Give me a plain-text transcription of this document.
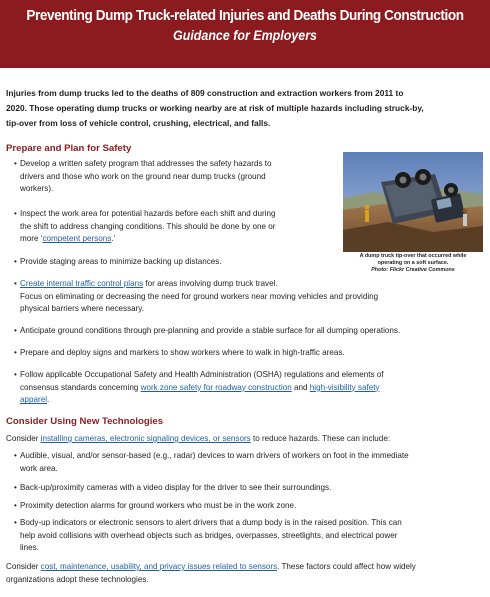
Preventing Dump Truck-related Injuries and Deaths During Construction
Guidance for Employers
Injuries from dump trucks led to the deaths of 809 construction and extraction workers from 2011 to
2020. Those operating dump trucks or working nearby are at risk of multiple hazards including struck-by,
tip-over from loss of vehicle control, crushing, electrical, and falls.
Prepare and Plan for Safety
• Develop a written safety program that addresses the safety hazards to
drivers and those who work on the ground near dump trucks (ground
workers).
• Inspect the work area for potential hazards before each shift and during
the shift to address changing conditions. This should be done by one or
more ‘competent persons.’
• Provide staging areas to minimize backing up distances.
• Create internal traffic control plans for areas involving dump truck travel.
Focus on eliminating or decreasing the need for ground workers near moving vehicles and providing
physical barriers where necessary.
• Anticipate ground conditions through pre-planning and provide a stable surface for all dumping operations.
• Prepare and deploy signs and markers to show workers where to walk in high-traffic areas.
• Follow applicable Occupational Safety and Health Administration (OSHA) regulations and elements of
consensus standards concerning work zone safety for roadway construction and high-visibility safety
apparel.
A dump truck tip-over that occurred while
operating on a soft surface.
Photo: Flickr Creative Commons
Consider Using New Technologies
Consider installing cameras, electronic signaling devices, or sensors to reduce hazards. These can include:
• Audible, visual, and/or sensor-based (e.g., radar) devices to warn drivers of workers on foot in the immediate
work area.
• Back-up/proximity cameras with a video display for the driver to see their surroundings.
• Proximity detection alarms for ground workers who must be in the work zone.
• Body-up indicators or electronic sensors to alert drivers that a dump body is in the raised position. This can
help avoid collisions with overhead objects such as bridges, overpasses, streetlights, and electrical power
lines.
Consider cost, maintenance, usability, and privacy issues related to sensors. These factors could affect how widely
organizations adopt these technologies.
